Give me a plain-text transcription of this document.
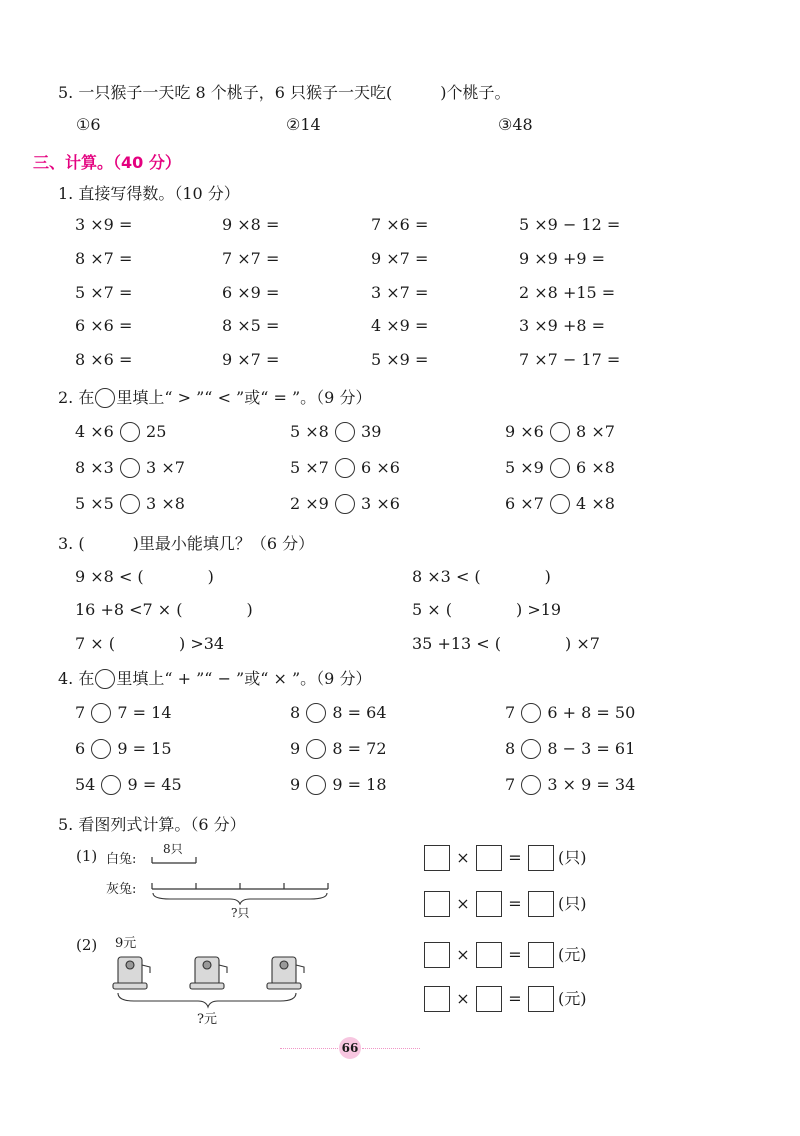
5. 一只猴子一天吃 8 个桃子，6 只猴子一天吃(　　　)个桃子。
①6	②14	③48
三、计算。（40 分）
1. 直接写得数。（10 分）
3 ×9 =	9 ×8 =	7 ×6 =	5 ×9 − 12 =
8 ×7 =	7 ×7 =	9 ×7 =	9 ×9 +9 =
5 ×7 =	6 ×9 =	3 ×7 =	2 ×8 +15 =
6 ×6 =	8 ×5 =	4 ×9 =	3 ×9 +8 =
8 ×6 =	9 ×7 =	5 ×9 =	7 ×7 − 17 =
2. 在 里填上“ > ”“ < ”或“ = ”。（9 分）
4 ×6 25	5 ×8 39	9 ×6 8 ×7
8 ×3 3 ×7	5 ×7 6 ×6	5 ×9 6 ×8
5 ×5 3 ×8	2 ×9 3 ×6	6 ×7 4 ×8
3. (　　　)里最小能填几？（6 分）
9 ×8 < (　　　　)	8 ×3 < (　　　　)
16 +8 <7 × (　　　　)	5 × (　　　　) >19
7 × (　　　　) >34	35 +13 < (　　　　) ×7
4. 在 里填上“ + ”“ − ”或“ × ”。（9 分）
7 7 = 14	8 8 = 64	7 6 + 8 = 50
6 9 = 15	9 8 = 72	8 8 − 3 = 61
54 9 = 45	9 9 = 18	7 3 × 9 = 34
5. 看图列式计算。（6 分）
(1) 白兔:
8只
灰兔:
?只
(2) 9元
?元
× = (只)
× = (只)
× = (元)
× = (元)
66
